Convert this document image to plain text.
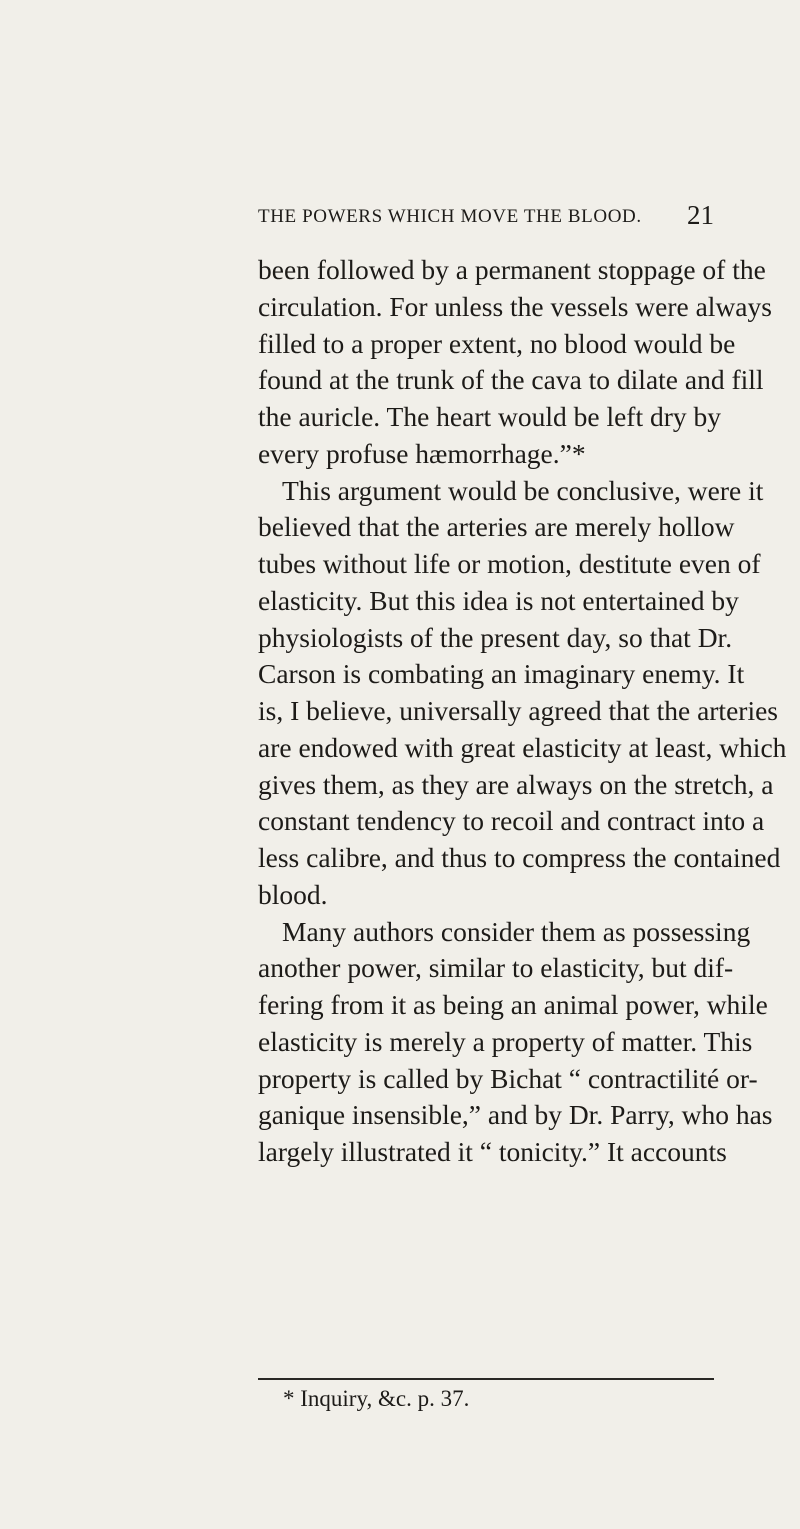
THE POWERS WHICH MOVE THE BLOOD. 21
been followed by a permanent stoppage of the
circulation. For unless the vessels were always
filled to a proper extent, no blood would be
found at the trunk of the cava to dilate and fill
the auricle. The heart would be left dry by
every profuse hæmorrhage.”*
This argument would be conclusive, were it
believed that the arteries are merely hollow
tubes without life or motion, destitute even of
elasticity. But this idea is not entertained by
physiologists of the present day, so that Dr.
Carson is combating an imaginary enemy. It
is, I believe, universally agreed that the arteries
are endowed with great elasticity at least, which
gives them, as they are always on the stretch, a
constant tendency to recoil and contract into a
less calibre, and thus to compress the contained
blood.
Many authors consider them as possessing
another power, similar to elasticity, but dif-
fering from it as being an animal power, while
elasticity is merely a property of matter. This
property is called by Bichat “ contractilité or-
ganique insensible,” and by Dr. Parry, who has
largely illustrated it “ tonicity.” It accounts
* Inquiry, &c. p. 37.
